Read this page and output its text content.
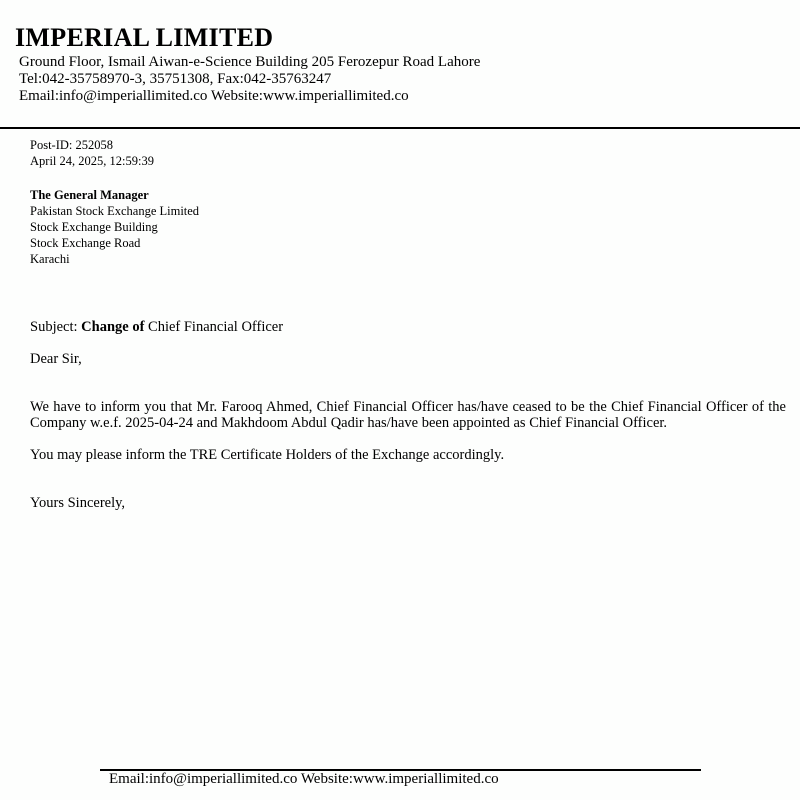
IMPERIAL LIMITED
Ground Floor, Ismail Aiwan-e-Science Building 205 Ferozepur Road Lahore
Tel:042-35758970-3, 35751308, Fax:042-35763247
Email:info@imperiallimited.co Website:www.imperiallimited.co
Post-ID: 252058
April 24, 2025, 12:59:39
The General Manager
Pakistan Stock Exchange Limited
Stock Exchange Building
Stock Exchange Road
Karachi
Subject: Change of Chief Financial Officer
Dear Sir,
We have to inform you that Mr. Farooq Ahmed, Chief Financial Officer has/have ceased to be the Chief Financial Officer of the Company w.e.f. 2025-04-24 and Makhdoom Abdul Qadir has/have been appointed as Chief Financial Officer.
You may please inform the TRE Certificate Holders of the Exchange accordingly.
Yours Sincerely,
Email:info@imperiallimited.co Website:www.imperiallimited.co
